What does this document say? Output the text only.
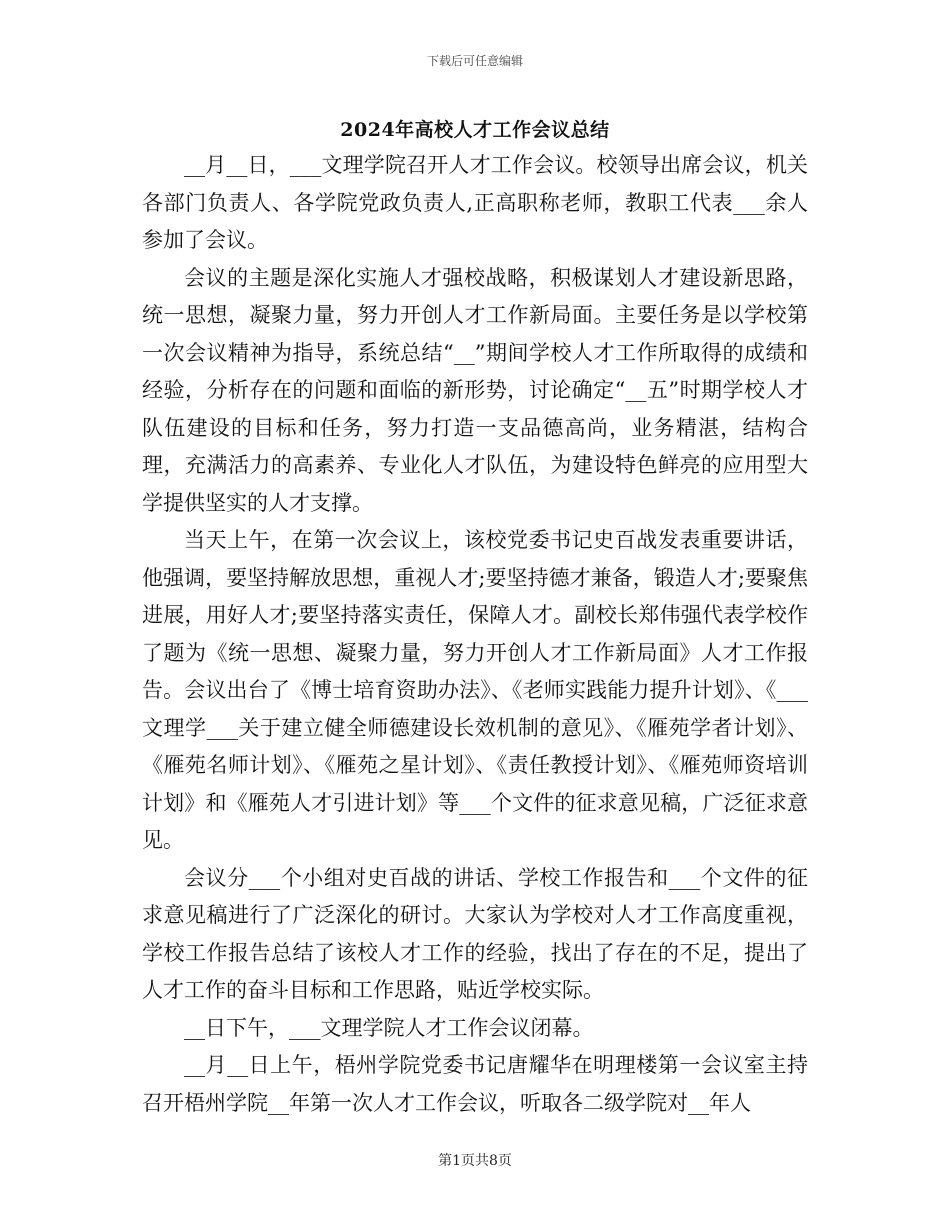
下载后可任意编辑
2024年高校人才工作会议总结

__月__日，___文理学院召开人才工作会议。校领导出席会议，机关各部门负责人、各学院党政负责人,正高职称老师，教职工代表___余人参加了会议。

会议的主题是深化实施人才强校战略，积极谋划人才建设新思路，统一思想，凝聚力量，努力开创人才工作新局面。主要任务是以学校第一次会议精神为指导，系统总结“__”期间学校人才工作所取得的成绩和经验，分析存在的问题和面临的新形势，讨论确定“__五”时期学校人才队伍建设的目标和任务，努力打造一支品德高尚，业务精湛，结构合理，充满活力的高素养、专业化人才队伍，为建设特色鲜亮的应用型大学提供坚实的人才支撑。

当天上午，在第一次会议上，该校党委书记史百战发表重要讲话，他强调，要坚持解放思想，重视人才;要坚持德才兼备，锻造人才;要聚焦进展，用好人才;要坚持落实责任，保障人才。副校长郑伟强代表学校作了题为《统一思想、凝聚力量，努力开创人才工作新局面》人才工作报告。会议出台了《博士培育资助办法》、《老师实践能力提升计划》、《___文理学___关于建立健全师德建设长效机制的意见》、《雁苑学者计划》、《雁苑名师计划》、《雁苑之星计划》、《责任教授计划》、《雁苑师资培训计划》和《雁苑人才引进计划》等___个文件的征求意见稿，广泛征求意见。

会议分___个小组对史百战的讲话、学校工作报告和___个文件的征求意见稿进行了广泛深化的研讨。大家认为学校对人才工作高度重视，学校工作报告总结了该校人才工作的经验，找出了存在的不足，提出了人才工作的奋斗目标和工作思路，贴近学校实际。

__日下午，___文理学院人才工作会议闭幕。

__月__日上午，梧州学院党委书记唐耀华在明理楼第一会议室主持召开梧州学院__年第一次人才工作会议，听取各二级学院对__年人

第1页共8页
